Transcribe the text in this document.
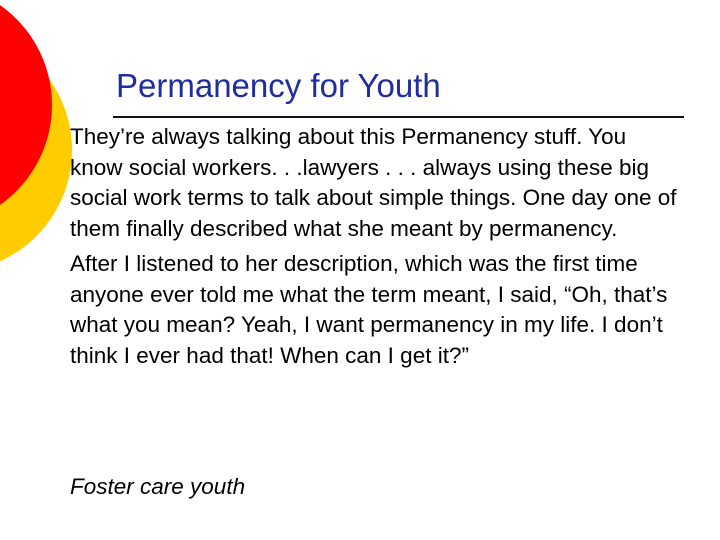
Permanency for Youth

They’re always talking about this Permanency stuff. You know social workers. . .lawyers . . . always using these big social work terms to talk about simple things. One day one of them finally described what she meant by permanency.

After I listened to her description, which was the first time anyone ever told me what the term meant, I said, “Oh, that’s what you mean? Yeah, I want permanency in my life. I don’t think I ever had that! When can I get it?”

Foster care youth
